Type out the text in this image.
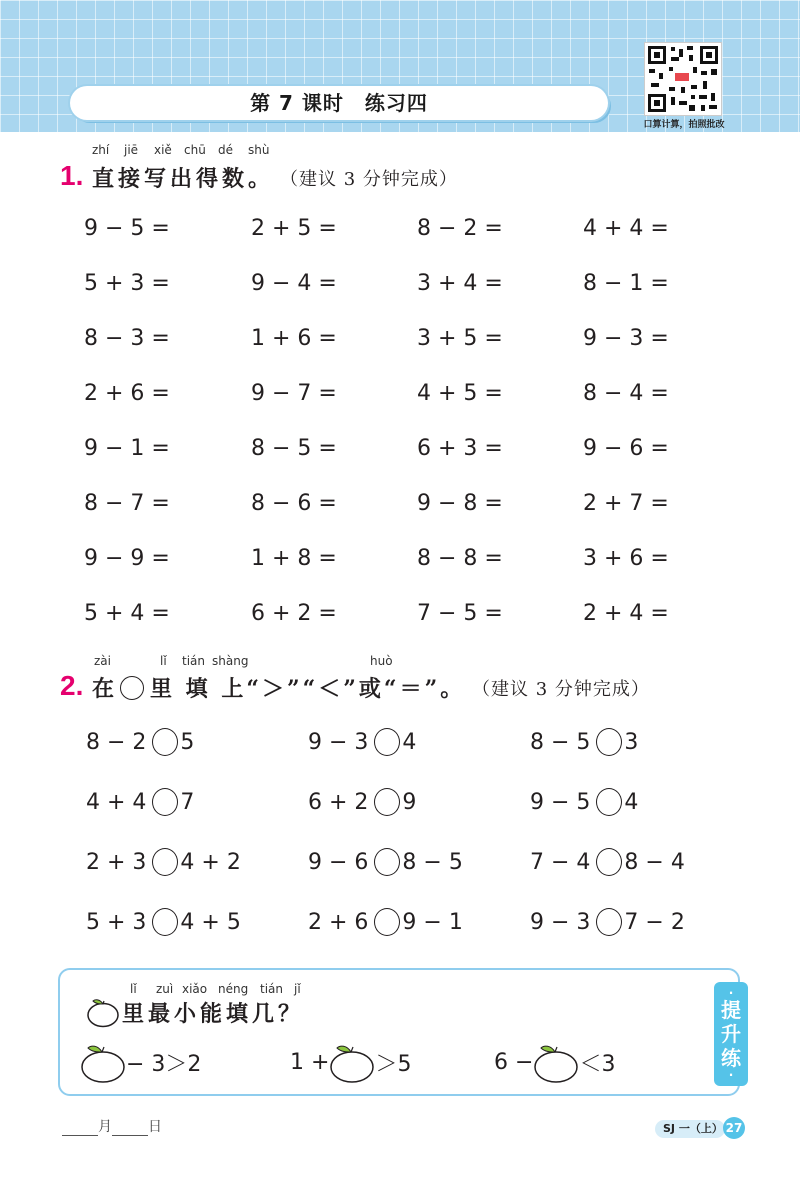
第 7 课时　练习四
口算计算，拍照批改
zhí jiē xiě chū dé shù
1. 直接写出得数。 （建议 3 分钟完成）
9 − 5 =	2 + 5 =	8 − 2 =	4 + 4 =
5 + 3 =	9 − 4 =	3 + 4 =	8 − 1 =
8 − 3 =	1 + 6 =	3 + 5 =	9 − 3 =
2 + 6 =	9 − 7 =	4 + 5 =	8 − 4 =
9 − 1 =	8 − 5 =	6 + 3 =	9 − 6 =
8 − 7 =	8 − 6 =	9 − 8 =	2 + 7 =
9 − 9 =	1 + 8 =	8 − 8 =	3 + 6 =
5 + 4 =	6 + 2 =	7 − 5 =	2 + 4 =
zài	lǐ tián shàng	huò
2. 在 里 填 上“＞”“＜”或“＝”。 （建议 3 分钟完成）
8 − 2 5	9 − 3 4	8 − 5 3
4 + 4 7	6 + 2 9	9 − 5 4
2 + 3 4 + 2	9 − 6 8 − 5	7 − 4 8 − 4
5 + 3 4 + 5	2 + 6 9 − 1	9 − 3 7 − 2
·
提
升
练
·
lǐ zuì xiǎo néng tián jǐ
里最小能填几？
− 3＞2	1 + ＞5	6 − ＜3
月	日	SJ 一（上） 27
